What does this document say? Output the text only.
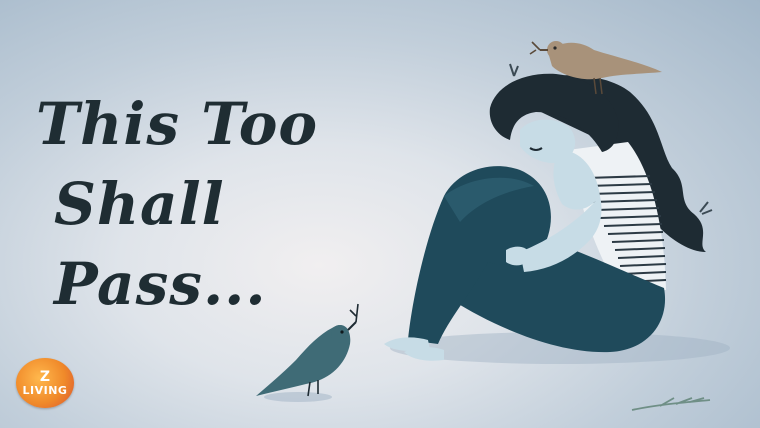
This Too
Shall Pass...
Z
LIVING
